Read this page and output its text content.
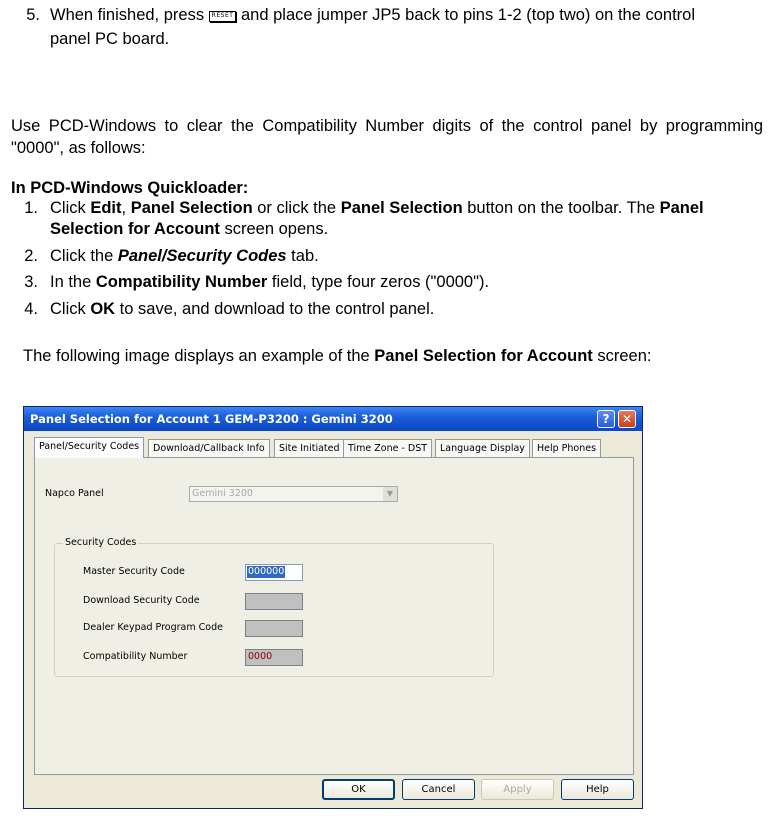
5. When finished, press RESET and place jumper JP5 back to pins 1-2 (top two) on the control
panel PC board.
Use PCD-Windows to clear the Compatibility Number digits of the control panel by programming "0000", as follows:
In PCD-Windows Quickloader:
1. Click Edit, Panel Selection or click the Panel Selection button on the toolbar. The Panel
Selection for Account screen opens.
2. Click the Panel/Security Codes tab.
3. In the Compatibility Number field, type four zeros ("0000").
4. Click OK to save, and download to the control panel.
The following image displays an example of the Panel Selection for Account screen:
Panel Selection for Account 1 GEM-P3200 : Gemini 3200	?	✕
Panel/Security Codes	Download/Callback Info	Site Initiated Time Zone - DST	Language Display	Help Phones
Napco Panel	Gemini 3200	▼
Security Codes
Master Security Code	000000
Download Security Code
Dealer Keypad Program Code
Compatibility Number	0000
OK	Cancel	Apply	Help
